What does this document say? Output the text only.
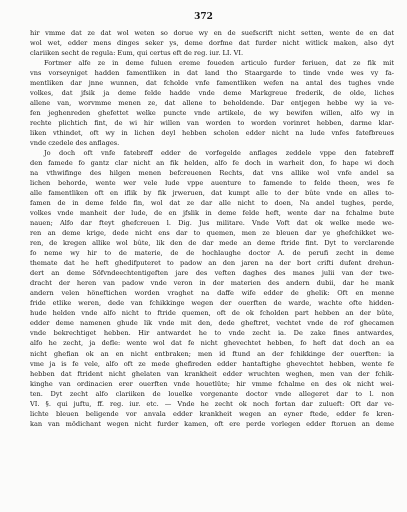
372
hir vmme dat ze dat wol weten so dorue wy en de suefscrift nicht setten, wente de en dat
wol wet, edder mens dinges seker ys, deme dorfme dat furder nicht witlick maken, also dyt
clariiken secht de regula: Eum, qui certus eft de reg. iur. LI. VI.
Fortmer alfe ze in deme fuluen ereme foueden articulo furder feriuen, dat ze fik mit
vns vorseyniget hadden famentliken in dat land tho Staargarde to tinde vnde wes vy fa-
mentliken dar jnne wunnen, dat fcholde vnfe famentliken wefen na antal des tughes vnde
volkes, dat jfsik ja deme felde hadde vnde deme Markgreue frederik, de olde, liches
allene van, worvmme menen ze, dat allene to beholdende. Dar entjegen hebbe wy ia ve-
fen jeghenreden ghefettet welke puncte vnde artikele, de wy bewifen willen, alfo wy in
rechte plichtich fint, de wi hir willen van worden to worden vorinret hebben, darme klar-
liken vthindet, oft wy in lichen deyl hebben scholen edder nicht na lude vnfes fatefbreues
vnde czedele des anflages.
Jo doch oft vnfe fatebreff edder de vorfegelde anflages zeddele vppe den fatebreff
den famede fo gantz clar nicht an fik helden, alfo fe doch in warheit don, fo hape wi doch
na vthwifinge des hilgen menen befcreuenen Rechts, dat vns allike wol vnfe andel sa
lichen behorde, wente wer vele lude vppe auenture to famende to felde theen, wes fe
alle famentliken oft en iflik by fik jrweruen, dat kumpt alle to der bûte vnde en alles to-
famen de in deme felde fin, wol dat ze dar alle nicht to doen, Na andel tughes, perde,
volkes vnde manheit der lude, de en jfslik in deme felde heft, wente dar na fchalme bute
nauen; Alfo dar fteyt ghefcreuen l. Dig. Jus militare. Vnde Voft dat ok welke mede we-
ren an deme krige, dede nicht ens dar to quemen, men ze bleuen dar ye ghefchikket we-
ren, de kregen allike wol bûte, lik den de dar mede an deme ftride fint. Dyt to verclarende
fo neme wy hir to de materie, de de hochlaughe doctor A. de perufi zecht in deme
themate dat he heft ghedifputeret to padow an den jaren na der bort crifti dufent drehun-
dert an deme Söfvndeechtentigeften jare des veften daghes des manes julii van der twe-
dracht der heren van padow vnde veron in der materien des andern dubii, dar he mank
andern velen höneftichen worden vraghet na daffe wife edder de ghelik: Oft en menne
fride etlike weren, dede van fchikkinge wegen der ouerften de warde, wachte ofte hidden-
hude helden vnde alfo nicht to ftride quemen, oft de ok fcholden part hebben an der bûte,
edder deme namenen ghude lik vnde mit den, dede gheftret, vechtet vnde de rof ghecamen
vnde bekrechtiget hebben. Hir antwardet he to vnde zecht ia. De zake fines antwardes,
alfo he zecht, ja defle: wente wol dat fe nicht ghevechtet hebben, fo heft dat doch an ea
nicht ghefian ok an en nicht entbraken; men id ftund an der fchikkinge der ouerften: ia
vme ja is fe vele, alfo oft ze mede ghefireden edder hantaftighe ghevechtet hebben, wente fe
hebben dat ftrident nicht ghelaten van krankheit edder wruchten weghen, men van der fchik-
kinghe van ordinacien erer ouerften vnde houetlüte; hir vmme fchalme en des ok nicht wei-
ten. Dyt zecht alfo clariiken de louelke vorgenante doctor vnde allegeret dar to l. non
VI. §. qui juftu, ff. reg. iur. etc. — Vnde he zecht ok noch fortan dar zulueft: Oft dar ve-
lichte bleuen beligende vor anvala edder krankheit wegen an eyner ftede, edder fe kren-
kan van mödichant wegen nicht furder kamen, oft ere perde vorlegen edder ftoruen an deme
